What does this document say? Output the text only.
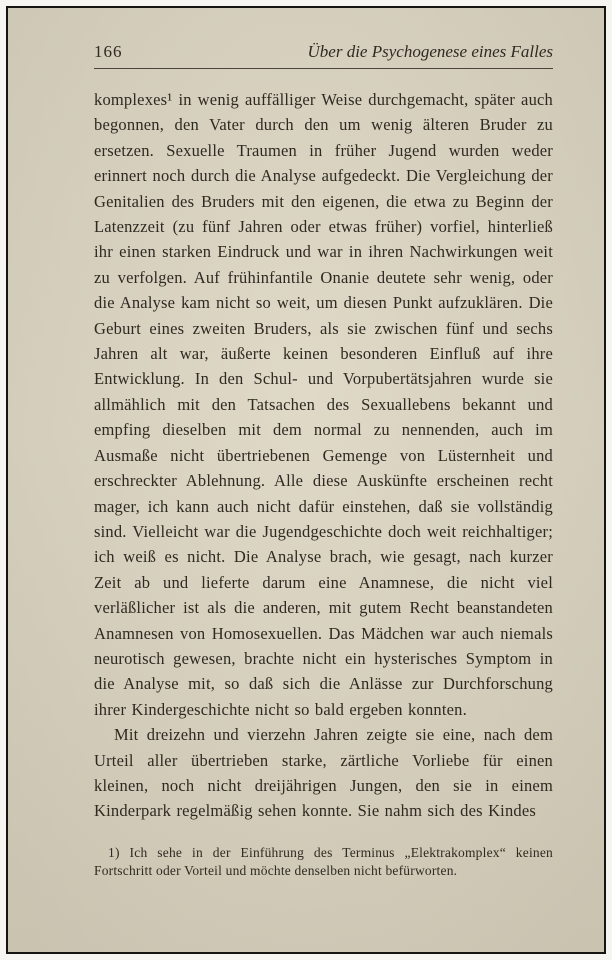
166	Über die Psychogenese eines Falles

komplexes¹ in wenig auffälliger Weise durchgemacht, später auch begonnen, den Vater durch den um wenig älteren Bruder zu ersetzen. Sexuelle Traumen in früher Jugend wurden weder erinnert noch durch die Analyse aufgedeckt. Die Vergleichung der Genitalien des Bruders mit den eigenen, die etwa zu Beginn der Latenzzeit (zu fünf Jahren oder etwas früher) vorfiel, hinterließ ihr einen starken Eindruck und war in ihren Nachwirkungen weit zu verfolgen. Auf frühinfantile Onanie deutete sehr wenig, oder die Analyse kam nicht so weit, um diesen Punkt aufzuklären. Die Geburt eines zweiten Bruders, als sie zwischen fünf und sechs Jahren alt war, äußerte keinen besonderen Einfluß auf ihre Entwicklung. In den Schul- und Vorpubertätsjahren wurde sie allmählich mit den Tatsachen des Sexuallebens bekannt und empfing dieselben mit dem normal zu nennenden, auch im Ausmaße nicht übertriebenen Gemenge von Lüsternheit und erschreckter Ablehnung. Alle diese Auskünfte erscheinen recht mager, ich kann auch nicht dafür einstehen, daß sie vollständig sind. Vielleicht war die Jugendgeschichte doch weit reichhaltiger; ich weiß es nicht. Die Analyse brach, wie gesagt, nach kurzer Zeit ab und lieferte darum eine Anamnese, die nicht viel verläßlicher ist als die anderen, mit gutem Recht beanstandeten Anamnesen von Homosexuellen. Das Mädchen war auch niemals neurotisch gewesen, brachte nicht ein hysterisches Symptom in die Analyse mit, so daß sich die Anlässe zur Durchforschung ihrer Kindergeschichte nicht so bald ergeben konnten.

Mit dreizehn und vierzehn Jahren zeigte sie eine, nach dem Urteil aller übertrieben starke, zärtliche Vorliebe für einen kleinen, noch nicht dreijährigen Jungen, den sie in einem Kinderpark regelmäßig sehen konnte. Sie nahm sich des Kindes

1) Ich sehe in der Einführung des Terminus „Elektrakomplex“ keinen Fortschritt oder Vorteil und möchte denselben nicht befürworten.
